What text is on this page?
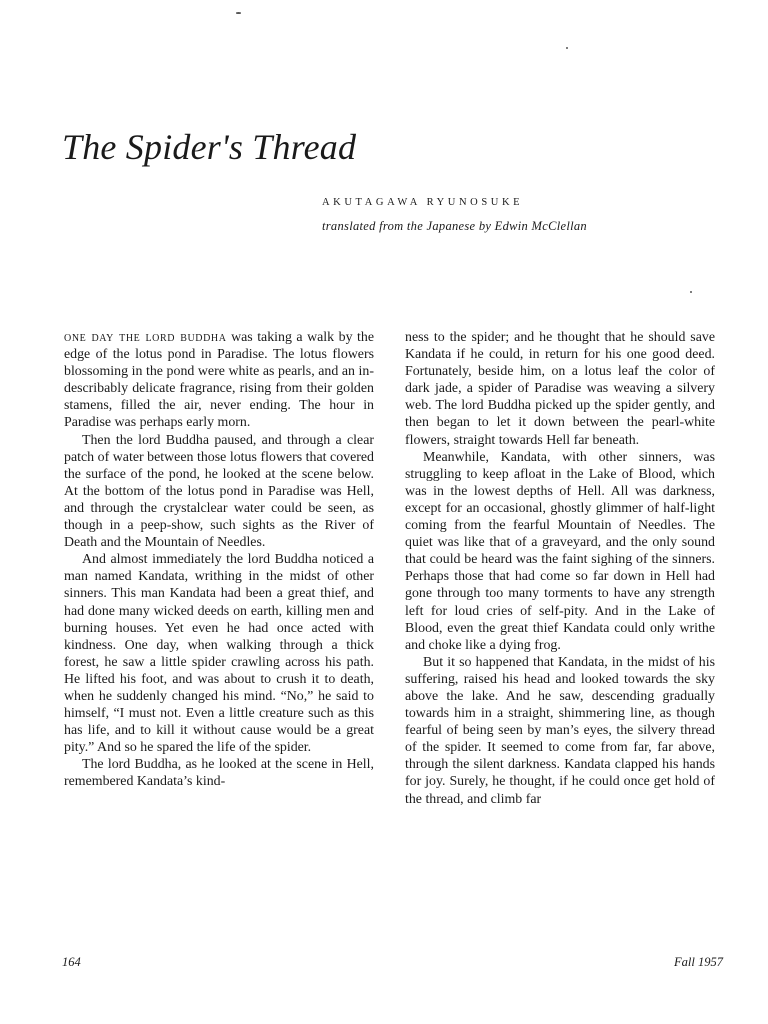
The Spider's Thread

AKUTAGAWA RYUNOSUKE

translated from the Japanese by Edwin McClellan

one day the lord buddha was taking a walk by the edge of the lotus pond in Paradise. The lotus flowers blossoming in the pond were white as pearls, and an indescribably delicate fragrance, rising from their golden stamens, filled the air, never ending. The hour in Paradise was perhaps early morn.

Then the lord Buddha paused, and through a clear patch of water between those lotus flowers that covered the surface of the pond, he looked at the scene below. At the bottom of the lotus pond in Paradise was Hell, and through the crystalclear water could be seen, as though in a peep-show, such sights as the River of Death and the Mountain of Needles.

And almost immediately the lord Buddha noticed a man named Kandata, writhing in the midst of other sinners. This man Kandata had been a great thief, and had done many wicked deeds on earth, killing men and burning houses. Yet even he had once acted with kindness. One day, when walking through a thick forest, he saw a little spider crawling across his path. He lifted his foot, and was about to crush it to death, when he suddenly changed his mind. “No,” he said to himself, “I must not. Even a little creature such as this has life, and to kill it without cause would be a great pity.” And so he spared the life of the spider.

The lord Buddha, as he looked at the scene in Hell, remembered Kandata’s kind-

ness to the spider; and he thought that he should save Kandata if he could, in return for his one good deed. Fortunately, beside him, on a lotus leaf the color of dark jade, a spider of Paradise was weaving a silvery web. The lord Buddha picked up the spider gently, and then began to let it down between the pearl-white flowers, straight towards Hell far beneath.

Meanwhile, Kandata, with other sinners, was struggling to keep afloat in the Lake of Blood, which was in the lowest depths of Hell. All was darkness, except for an occasional, ghostly glimmer of half-light coming from the fearful Mountain of Needles. The quiet was like that of a graveyard, and the only sound that could be heard was the faint sighing of the sinners. Perhaps those that had come so far down in Hell had gone through too many torments to have any strength left for loud cries of self-pity. And in the Lake of Blood, even the great thief Kandata could only writhe and choke like a dying frog.

But it so happened that Kandata, in the midst of his suffering, raised his head and looked towards the sky above the lake. And he saw, descending gradually towards him in a straight, shimmering line, as though fearful of being seen by man’s eyes, the silvery thread of the spider. It seemed to come from far, far above, through the silent darkness. Kandata clapped his hands for joy. Surely, he thought, if he could once get hold of the thread, and climb far

164	Fall 1957
